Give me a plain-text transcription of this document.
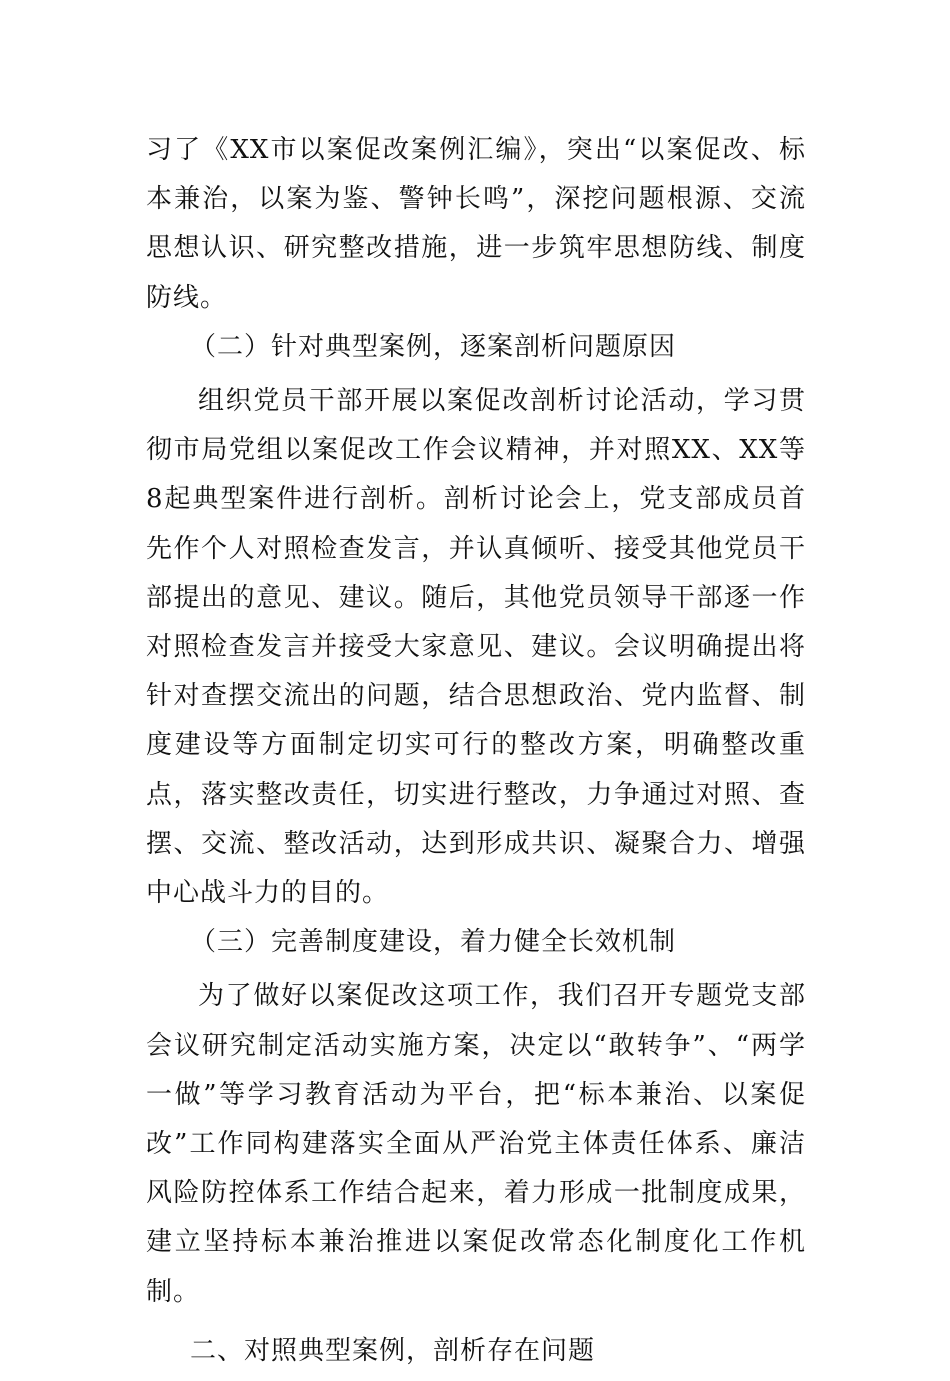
习了《XX市以案促改案例汇编》，突出“以案促改、标本兼治，以案为鉴、警钟长鸣”，深挖问题根源、交流思想认识、研究整改措施，进一步筑牢思想防线、制度防线。

（二）针对典型案例，逐案剖析问题原因

组织党员干部开展以案促改剖析讨论活动，学习贯彻市局党组以案促改工作会议精神，并对照XX、XX等8起典型案件进行剖析。剖析讨论会上，党支部成员首先作个人对照检查发言，并认真倾听、接受其他党员干部提出的意见、建议。随后，其他党员领导干部逐一作对照检查发言并接受大家意见、建议。会议明确提出将针对查摆交流出的问题，结合思想政治、党内监督、制度建设等方面制定切实可行的整改方案，明确整改重点，落实整改责任，切实进行整改，力争通过对照、查摆、交流、整改活动，达到形成共识、凝聚合力、增强中心战斗力的目的。

（三）完善制度建设，着力健全长效机制

为了做好以案促改这项工作，我们召开专题党支部会议研究制定活动实施方案，决定以“敢转争”、“两学一做”等学习教育活动为平台，把“标本兼治、以案促改”工作同构建落实全面从严治党主体责任体系、廉洁风险防控体系工作结合起来，着力形成一批制度成果，建立坚持标本兼治推进以案促改常态化制度化工作机制。

二、对照典型案例，剖析存在问题
